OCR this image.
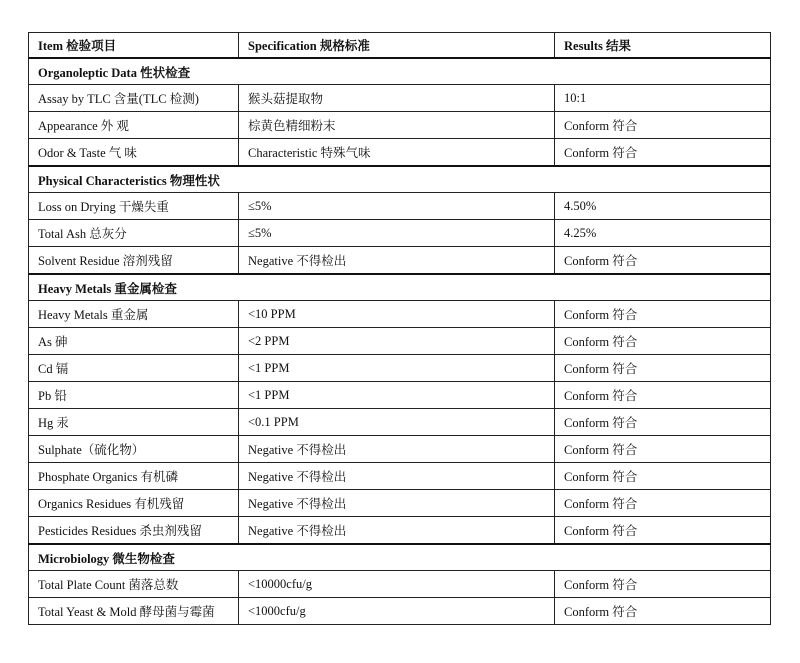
Item 检验项目	Specification 规格标准	Results 结果
Organoleptic Data 性状检查		
Assay by TLC 含量(TLC 检测)	猴头菇提取物	10:1
Appearance 外 观	棕黄色精细粉末	Conform 符合
Odor & Taste 气 味	Characteristic 特殊气味	Conform 符合
Physical Characteristics 物理性状		
Loss on Drying 干燥失重	≤5%	4.50%
Total Ash 总灰分	≤5%	4.25%
Solvent Residue 溶剂残留	Negative 不得检出	Conform 符合
Heavy Metals 重金属检查		
Heavy Metals 重金属	<10 PPM	Conform 符合
As 砷	<2 PPM	Conform 符合
Cd 镉	<1 PPM	Conform 符合
Pb 铅	<1 PPM	Conform 符合
Hg 汞	<0.1 PPM	Conform 符合
Sulphate（硫化物）	Negative 不得检出	Conform 符合
Phosphate Organics 有机磷	Negative 不得检出	Conform 符合
Organics Residues 有机残留	Negative 不得检出	Conform 符合
Pesticides Residues 杀虫剂残留	Negative 不得检出	Conform 符合
Microbiology 微生物检查		
Total Plate Count 菌落总数	<10000cfu/g	Conform 符合
Total Yeast & Mold 酵母菌与霉菌	<1000cfu/g	Conform 符合
